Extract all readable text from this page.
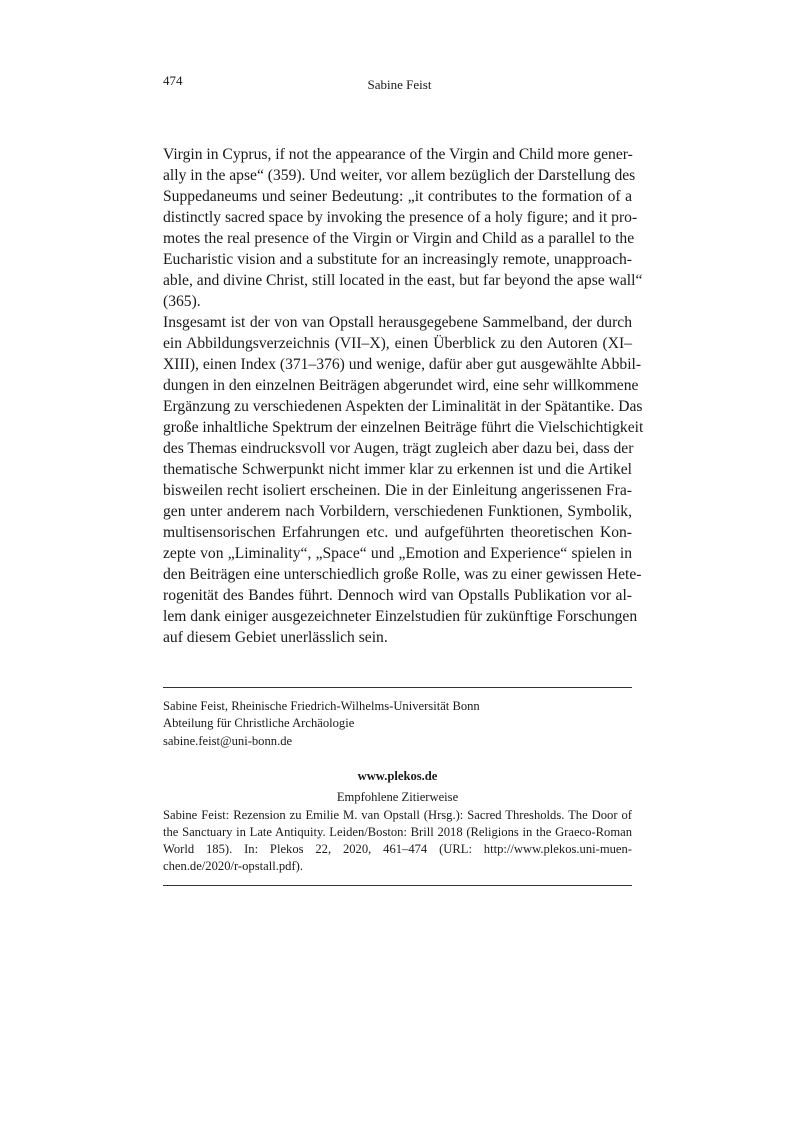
474	Sabine Feist
Virgin in Cyprus, if not the appearance of the Virgin and Child more gener-
ally in the apse“ (359). Und weiter, vor allem bezüglich der Darstellung des
Suppedaneums und seiner Bedeutung: „it contributes to the formation of a
distinctly sacred space by invoking the presence of a holy figure; and it pro-
motes the real presence of the Virgin or Virgin and Child as a parallel to the
Eucharistic vision and a substitute for an increasingly remote, unapproach-
able, and divine Christ, still located in the east, but far beyond the apse wall“
(365).
Insgesamt ist der von van Opstall herausgegebene Sammelband, der durch
ein Abbildungsverzeichnis (VII–X), einen Überblick zu den Autoren (XI–
XIII), einen Index (371–376) und wenige, dafür aber gut ausgewählte Abbil-
dungen in den einzelnen Beiträgen abgerundet wird, eine sehr willkommene
Ergänzung zu verschiedenen Aspekten der Liminalität in der Spätantike. Das
große inhaltliche Spektrum der einzelnen Beiträge führt die Vielschichtigkeit
des Themas eindrucksvoll vor Augen, trägt zugleich aber dazu bei, dass der
thematische Schwerpunkt nicht immer klar zu erkennen ist und die Artikel
bisweilen recht isoliert erscheinen. Die in der Einleitung angerissenen Fra-
gen unter anderem nach Vorbildern, verschiedenen Funktionen, Symbolik,
multisensorischen Erfahrungen etc. und aufgeführten theoretischen Kon-
zepte von „Liminality“, „Space“ und „Emotion and Experience“ spielen in
den Beiträgen eine unterschiedlich große Rolle, was zu einer gewissen Hete-
rogenität des Bandes führt. Dennoch wird van Opstalls Publikation vor al-
lem dank einiger ausgezeichneter Einzelstudien für zukünftige Forschungen
auf diesem Gebiet unerlässlich sein.
Sabine Feist, Rheinische Friedrich-Wilhelms-Universität Bonn
Abteilung für Christliche Archäologie
sabine.feist@uni-bonn.de
www.plekos.de
Empfohlene Zitierweise
Sabine Feist: Rezension zu Emilie M. van Opstall (Hrsg.): Sacred Thresholds. The Door of
the Sanctuary in Late Antiquity. Leiden/Boston: Brill 2018 (Religions in the Graeco-Roman
World 185). In: Plekos 22, 2020, 461–474 (URL: http://www.plekos.uni-muen-
chen.de/2020/r-opstall.pdf).
